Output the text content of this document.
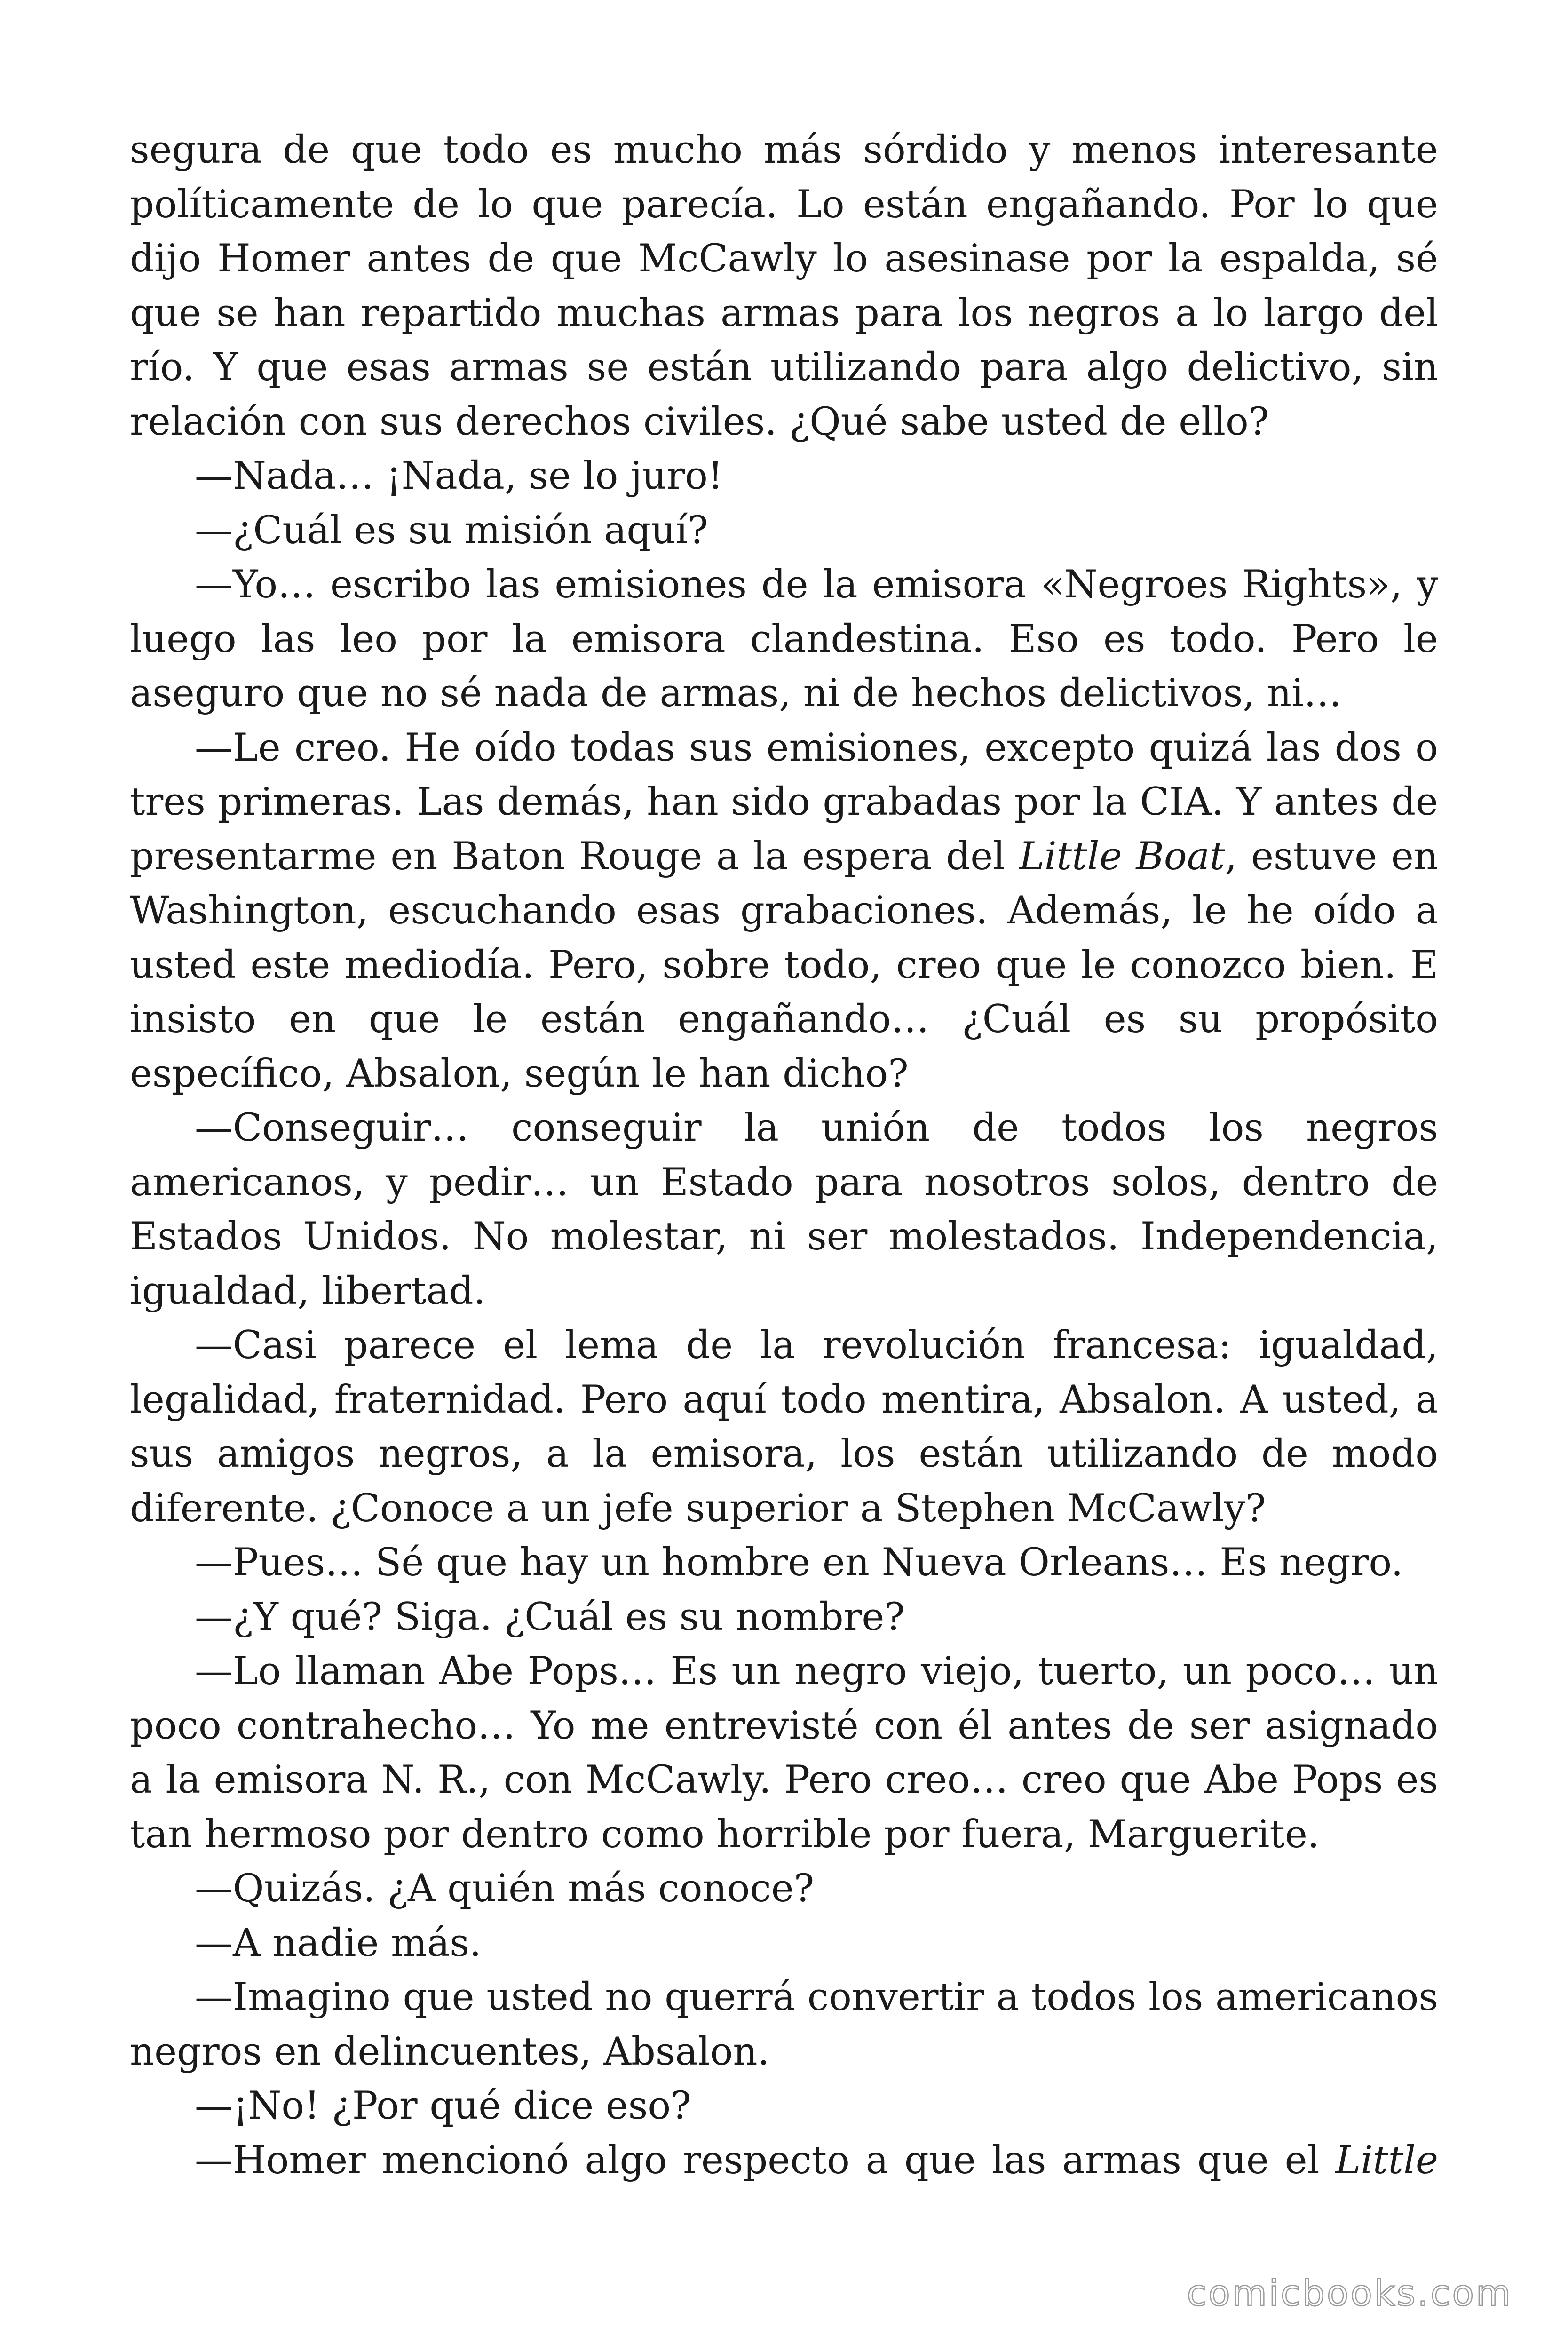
segura de que todo es mucho más sórdido y menos interesante políticamente de lo que parecía. Lo están engañando. Por lo que dijo Homer antes de que McCawly lo asesinase por la espalda, sé que se han repartido muchas armas para los negros a lo largo del río. Y que esas armas se están utilizando para algo delictivo, sin relación con sus derechos civiles. ¿Qué sabe usted de ello?

—Nada… ¡Nada, se lo juro!

—¿Cuál es su misión aquí?

—Yo… escribo las emisiones de la emisora «Negroes Rights», y luego las leo por la emisora clandestina. Eso es todo. Pero le aseguro que no sé nada de armas, ni de hechos delictivos, ni…

—Le creo. He oído todas sus emisiones, excepto quizá las dos o tres primeras. Las demás, han sido grabadas por la CIA. Y antes de presentarme en Baton Rouge a la espera del Little Boat, estuve en Washington, escuchando esas grabaciones. Además, le he oído a usted este mediodía. Pero, sobre todo, creo que le conozco bien. E insisto en que le están engañando… ¿Cuál es su propósito específico, Absalon, según le han dicho?

—Conseguir… conseguir la unión de todos los negros americanos, y pedir… un Estado para nosotros solos, dentro de Estados Unidos. No molestar, ni ser molestados. Independencia, igualdad, libertad.

—Casi parece el lema de la revolución francesa: igualdad, legalidad, fraternidad. Pero aquí todo mentira, Absalon. A usted, a sus amigos negros, a la emisora, los están utilizando de modo diferente. ¿Conoce a un jefe superior a Stephen McCawly?

—Pues… Sé que hay un hombre en Nueva Orleans… Es negro.

—¿Y qué? Siga. ¿Cuál es su nombre?

—Lo llaman Abe Pops… Es un negro viejo, tuerto, un poco… un poco contrahecho… Yo me entrevisté con él antes de ser asignado a la emisora N. R., con McCawly. Pero creo… creo que Abe Pops es tan hermoso por dentro como horrible por fuera, Marguerite.

—Quizás. ¿A quién más conoce?

—A nadie más.

—Imagino que usted no querrá convertir a todos los americanos negros en delincuentes, Absalon.

—¡No! ¿Por qué dice eso?

—Homer mencionó algo respecto a que las armas que el Little

comicbooks.com
